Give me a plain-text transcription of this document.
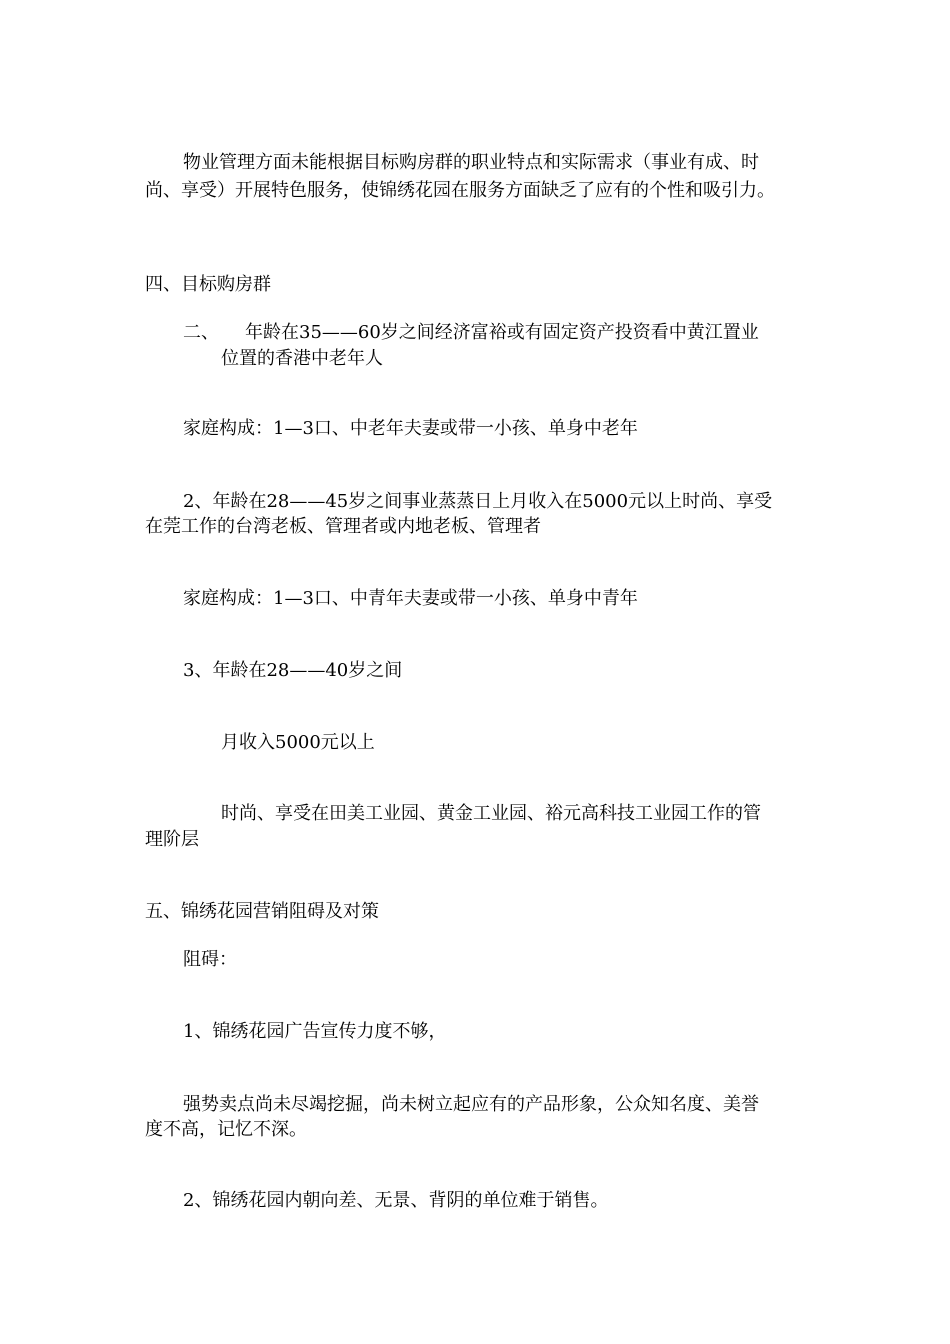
物业管理方面未能根据目标购房群的职业特点和实际需求（事业有成、时

尚、享受）开展特色服务，使锦绣花园在服务方面缺乏了应有的个性和吸引力。

四、目标购房群

二、 年龄在35——60岁之间经济富裕或有固定资产投资看中黄江置业

位置的香港中老年人

家庭构成：1—3口、中老年夫妻或带一小孩、单身中老年

2、年龄在28——45岁之间事业蒸蒸日上月收入在5000元以上时尚、享受

在莞工作的台湾老板、管理者或内地老板、管理者

家庭构成：1—3口、中青年夫妻或带一小孩、单身中青年

3、年龄在28——40岁之间

月收入5000元以上

时尚、享受在田美工业园、黄金工业园、裕元高科技工业园工作的管

理阶层

五、锦绣花园营销阻碍及对策

阻碍：

1、锦绣花园广告宣传力度不够，

强势卖点尚未尽竭挖掘，尚未树立起应有的产品形象，公众知名度、美誉

度不高，记忆不深。

2、锦绣花园内朝向差、无景、背阴的单位难于销售。
